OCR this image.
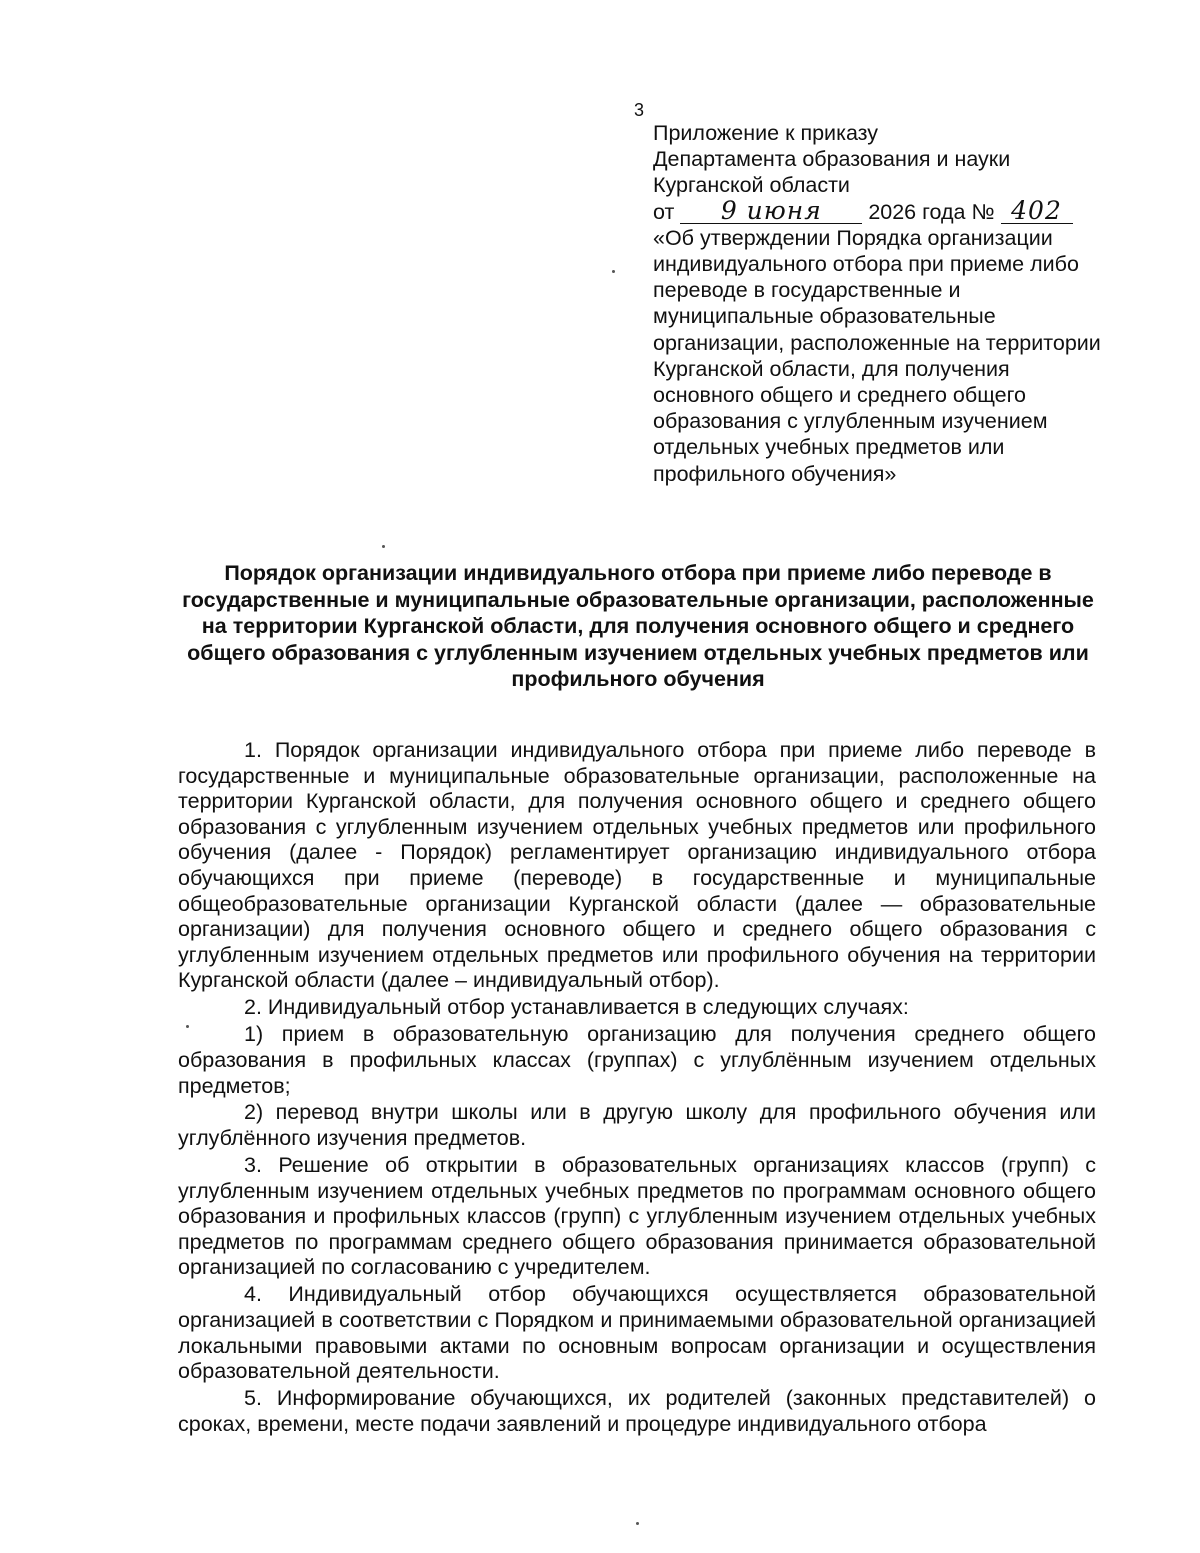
3
Приложение к приказу
Департамента образования и науки
Курганской области
от 9 июня 2026 года № 402
«Об утверждении Порядка организации индивидуального отбора при приеме либо переводе в государственные и муниципальные образовательные организации, расположенные на территории Курганской области, для получения основного общего и среднего общего образования с углубленным изучением отдельных учебных предметов или профильного обучения»
Порядок организации индивидуального отбора при приеме либо переводе в государственные и муниципальные образовательные организации, расположенные на территории Курганской области, для получения основного общего и среднего общего образования с углубленным изучением отдельных учебных предметов или профильного обучения

1. Порядок организации индивидуального отбора при приеме либо переводе в государственные и муниципальные образовательные организации, расположенные на территории Курганской области, для получения основного общего и среднего общего образования с углубленным изучением отдельных учебных предметов или профильного обучения (далее - Порядок) регламентирует организацию индивидуального отбора обучающихся при приеме (переводе) в государственные и муниципальные общеобразовательные организации Курганской области (далее — образовательные организации) для получения основного общего и среднего общего образования с углубленным изучением отдельных предметов или профильного обучения на территории Курганской области (далее – индивидуальный отбор).

2. Индивидуальный отбор устанавливается в следующих случаях:

1) прием в образовательную организацию для получения среднего общего образования в профильных классах (группах) с углублённым изучением отдельных предметов;

2) перевод внутри школы или в другую школу для профильного обучения или углублённого изучения предметов.

3. Решение об открытии в образовательных организациях классов (групп) с углубленным изучением отдельных учебных предметов по программам основного общего образования и профильных классов (групп) с углубленным изучением отдельных учебных предметов по программам среднего общего образования принимается образовательной организацией по согласованию с учредителем.

4. Индивидуальный отбор обучающихся осуществляется образовательной организацией в соответствии с Порядком и принимаемыми образовательной организацией локальными правовыми актами по основным вопросам организации и осуществления образовательной деятельности.

5. Информирование обучающихся, их родителей (законных представителей) о сроках, времени, месте подачи заявлений и процедуре индивидуального отбора
